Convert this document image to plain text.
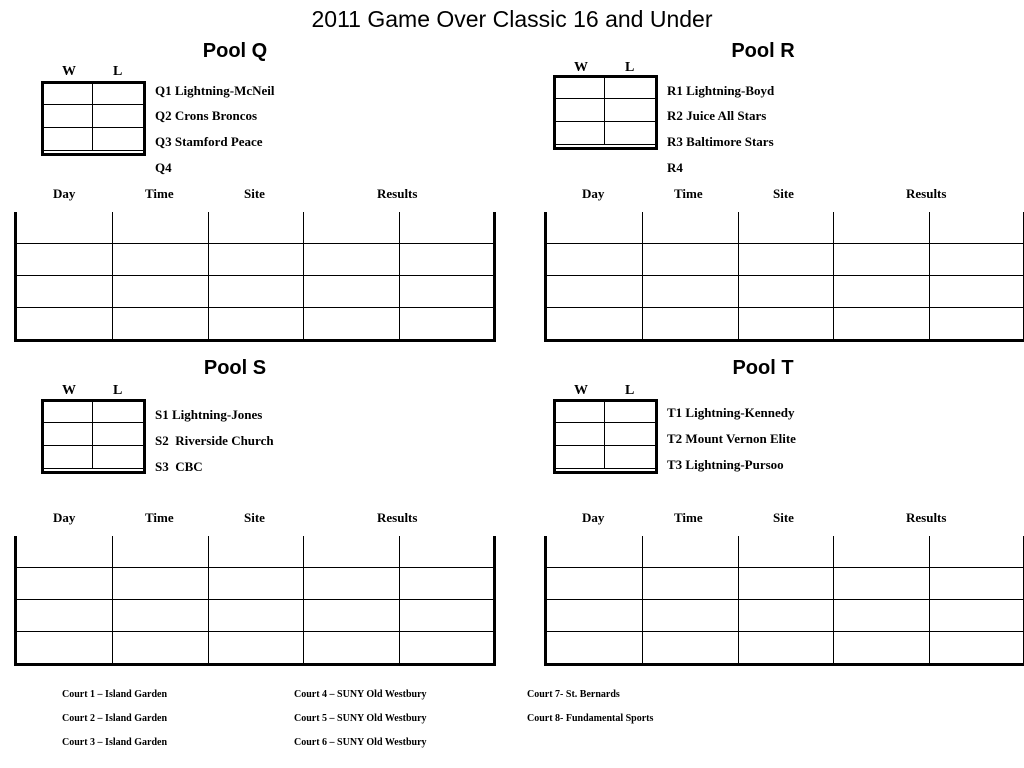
2011 Game Over Classic 16 and Under
Pool Q
W	L

Q1 Lightning-McNeil
Q2 Crons Broncos
Q3 Stamford Peace
Q4
Day	Time	Site	Results

Pool R
W	L

R1 Lightning-Boyd
R2 Juice All Stars
R3 Baltimore Stars
R4
Day	Time	Site	Results

Pool S
W	L

S1 Lightning-Jones
S2  Riverside Church
S3  CBC
Day	Time	Site	Results

Pool T
W	L

T1 Lightning-Kennedy
T2 Mount Vernon Elite
T3 Lightning-Pursoo
Day	Time	Site	Results

Court 1 – Island Garden
Court 2 – Island Garden
Court 3 – Island Garden
Court 4 – SUNY Old Westbury
Court 5 – SUNY Old Westbury
Court 6 – SUNY Old Westbury
Court 7- St. Bernards
Court 8- Fundamental Sports
